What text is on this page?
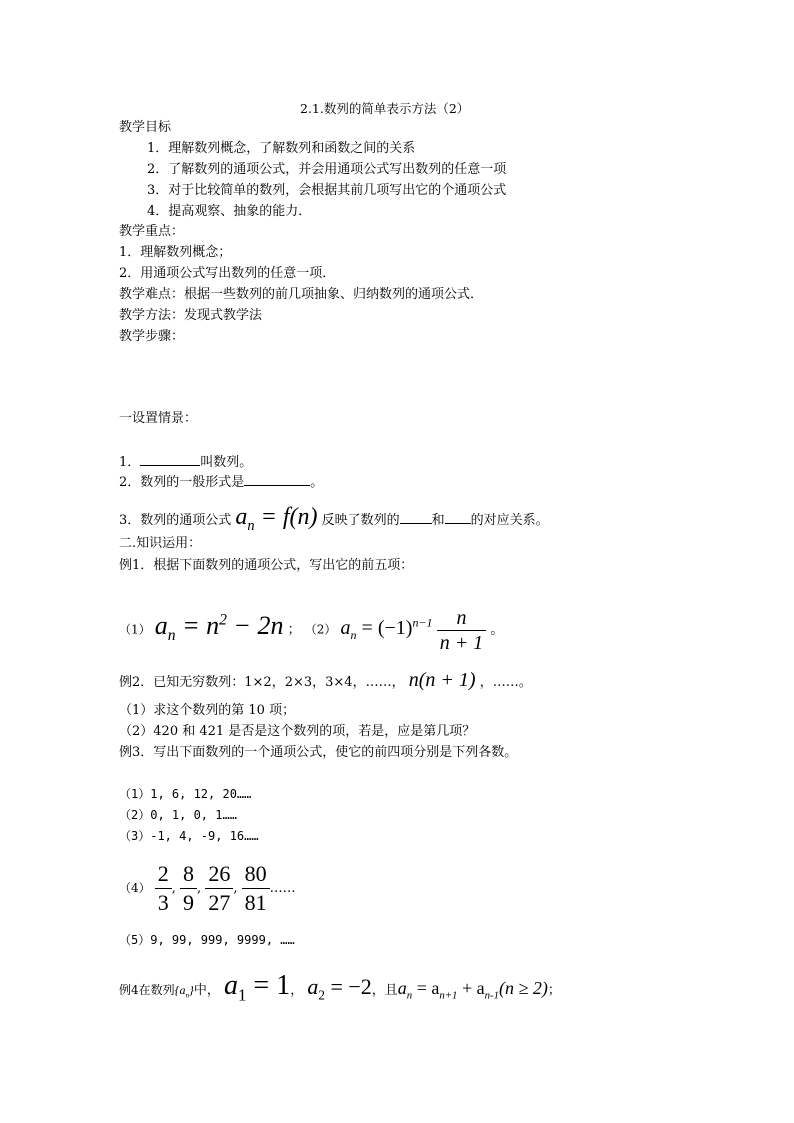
2.1.数列的简单表示方法（2）
教学目标
1．理解数列概念，了解数列和函数之间的关系
2．了解数列的通项公式，并会用通项公式写出数列的任意一项
3．对于比较简单的数列，会根据其前几项写出它的个通项公式
4．提高观察、抽象的能力．
教学重点：
1．理解数列概念；
2．用通项公式写出数列的任意一项．
教学难点：根据一些数列的前几项抽象、归纳数列的通项公式．
教学方法：发现式教学法
教学步骤：
一设置情景：
1．	叫数列。
2．数列的一般形式是	。
3．数列的通项公式 $a_n = f(n)$ 反映了数列的 和 的对应关系。
二.知识运用：
例1．根据下面数列的通项公式，写出它的前五项：
（1） $a_n = n^2 - 2n$ ； （2） $a_n = (-1)^{n-1} \frac{n}{n + 1}$ 。
例2．已知无穷数列：1×2，2×3，3×4，……， n(n + 1) ，……。
（1）求这个数列的第 10 项；
（2）420 和 421 是否是这个数列的项，若是，应是第几项？
例3．写出下面数列的一个通项公式，使它的前四项分别是下列各数。
（1）1, 6, 12, 20……
（2）0, 1, 0, 1……
（3）-1, 4, -9, 16……
$(4) \frac{2}{3}$ , $\frac{8}{9}$ , $\frac{26}{27}$ , $\frac{80}{81}$ ……
（5）9, 99, 999, 9999, ……
例4在数列$\{a_n\}$中， $a_1 = 1$， $a_2 = -2$，且$a_n = a_{n+1} + a_{n-1}(n \ge 2)$；
